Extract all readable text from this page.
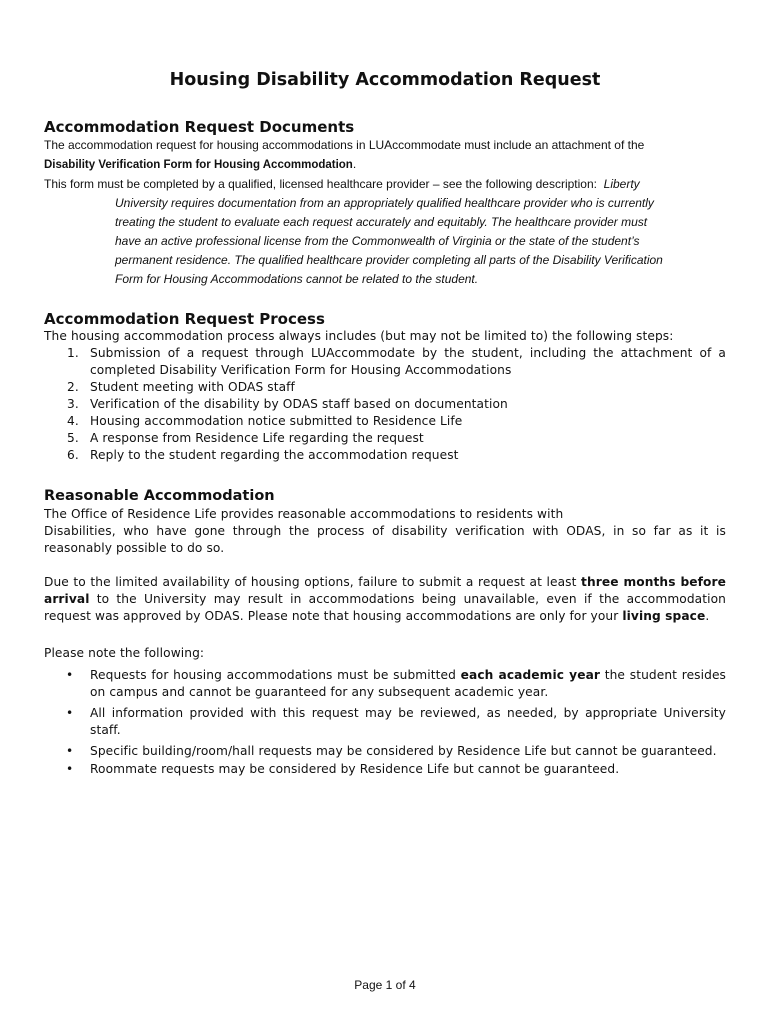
Housing Disability Accommodation Request
Accommodation Request Documents

The accommodation request for housing accommodations in LUAccommodate must include an attachment of the

Disability Verification Form for Housing Accommodation.

This form must be completed by a qualified, licensed healthcare provider – see the following description: Liberty

University requires documentation from an appropriately qualified healthcare provider who is currently

treating the student to evaluate each request accurately and equitably. The healthcare provider must

have an active professional license from the Commonwealth of Virginia or the state of the student’s

permanent residence. The qualified healthcare provider completing all parts of the Disability Verification

Form for Housing Accommodations cannot be related to the student.

Accommodation Request Process

The housing accommodation process always includes (but may not be limited to) the following steps:

1. Submission of a request through LUAccommodate by the student, including the attachment of a completed Disability Verification Form for Housing Accommodations
2. Student meeting with ODAS staff
3. Verification of the disability by ODAS staff based on documentation
4. Housing accommodation notice submitted to Residence Life
5. A response from Residence Life regarding the request
6. Reply to the student regarding the accommodation request
Reasonable Accommodation

The Office of Residence Life provides reasonable accommodations to residents with

Disabilities, who have gone through the process of disability verification with ODAS, in so far as it is reasonably possible to do so.

Due to the limited availability of housing options, failure to submit a request at least three months before arrival to the University may result in accommodations being unavailable, even if the accommodation request was approved by ODAS. Please note that housing accommodations are only for your living space.

Please note the following:

• Requests for housing accommodations must be submitted each academic year the student resides on campus and cannot be guaranteed for any subsequent academic year.
• All information provided with this request may be reviewed, as needed, by appropriate University staff.
• Specific building/room/hall requests may be considered by Residence Life but cannot be guaranteed.
• Roommate requests may be considered by Residence Life but cannot be guaranteed.
Page 1 of 4
